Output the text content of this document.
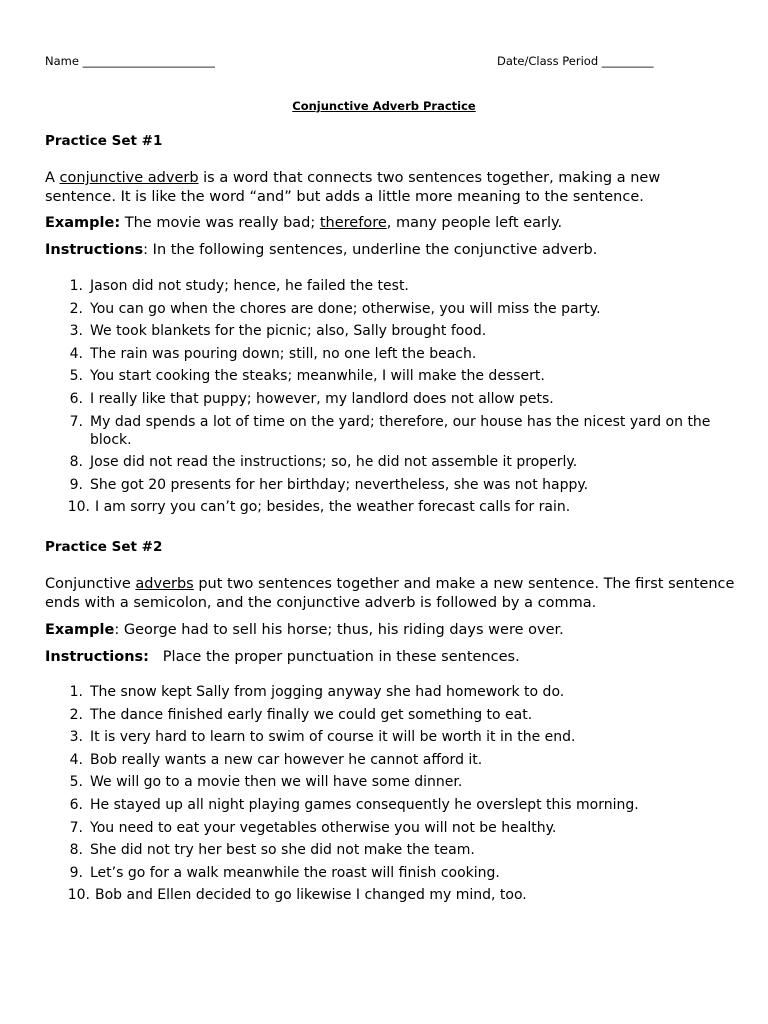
Name _______________________	Date/Class Period _________
Conjunctive Adverb Practice
Practice Set #1
A conjunctive adverb is a word that connects two sentences together, making a new sentence. It is like the word “and” but adds a little more meaning to the sentence.
Example: The movie was really bad; therefore, many people left early.
Instructions: In the following sentences, underline the conjunctive adverb.
1. Jason did not study; hence, he failed the test.
2. You can go when the chores are done; otherwise, you will miss the party.
3. We took blankets for the picnic; also, Sally brought food.
4. The rain was pouring down; still, no one left the beach.
5. You start cooking the steaks; meanwhile, I will make the dessert.
6. I really like that puppy; however, my landlord does not allow pets.
7. My dad spends a lot of time on the yard; therefore, our house has the nicest yard on the block.
8. Jose did not read the instructions; so, he did not assemble it properly.
9. She got 20 presents for her birthday; nevertheless, she was not happy.
10. I am sorry you can’t go; besides, the weather forecast calls for rain.
Practice Set #2
Conjunctive adverbs put two sentences together and make a new sentence. The first sentence ends with a semicolon, and the conjunctive adverb is followed by a comma.
Example: George had to sell his horse; thus, his riding days were over.
Instructions:   Place the proper punctuation in these sentences.
1. The snow kept Sally from jogging anyway she had homework to do.
2. The dance finished early finally we could get something to eat.
3. It is very hard to learn to swim of course it will be worth it in the end.
4. Bob really wants a new car however he cannot afford it.
5. We will go to a movie then we will have some dinner.
6. He stayed up all night playing games consequently he overslept this morning.
7. You need to eat your vegetables otherwise you will not be healthy.
8. She did not try her best so she did not make the team.
9. Let’s go for a walk meanwhile the roast will finish cooking.
10. Bob and Ellen decided to go likewise I changed my mind, too.
